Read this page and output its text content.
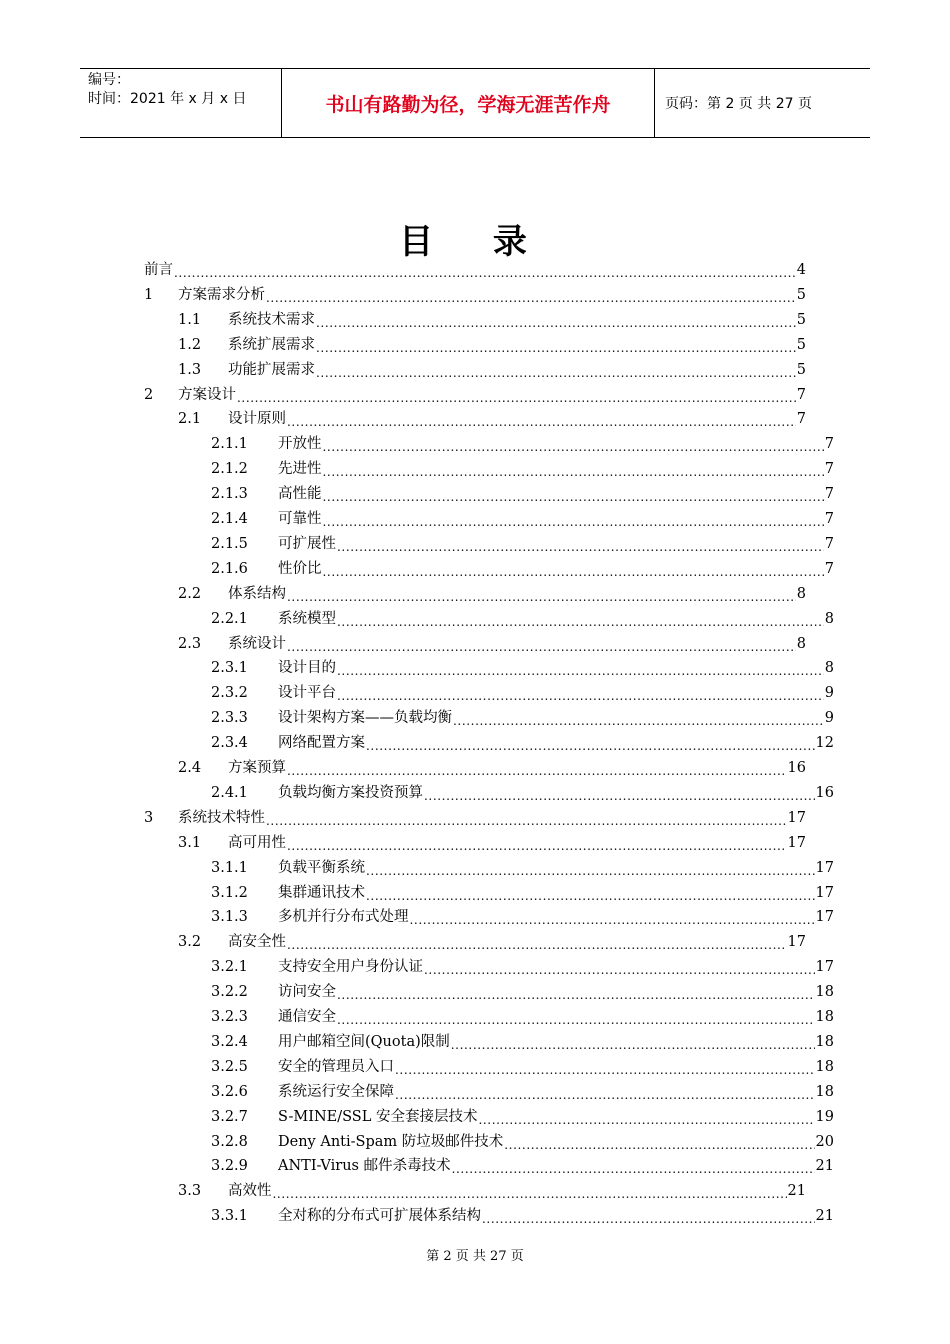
编号：
时间：2021 年 x 月 x 日	书山有路勤为径，学海无涯苦作舟	页码：第 2 页 共 27 页
目 录
前言 .....	4
1	方案需求分析 .....	5
1.1	系统技术需求 .....	5
1.2	系统扩展需求 .....	5
1.3	功能扩展需求 .....	5
2	方案设计 .....	7
2.1	设计原则 .....	7
2.1.1	开放性 .....	7
2.1.2	先进性 .....	7
2.1.3	高性能 .....	7
2.1.4	可靠性 .....	7
2.1.5	可扩展性 .....	7
2.1.6	性价比 .....	7
2.2	体系结构 .....	8
2.2.1	系统模型 .....	8
2.3	系统设计 .....	8
2.3.1	设计目的 .....	8
2.3.2	设计平台 .....	9
2.3.3	设计架构方案——负载均衡 .....	9
2.3.4	网络配置方案 .....	12
2.4	方案预算 .....	16
2.4.1	负载均衡方案投资预算 .....	16
3	系统技术特性 .....	17
3.1	高可用性 .....	17
3.1.1	负载平衡系统 .....	17
3.1.2	集群通讯技术 .....	17
3.1.3	多机并行分布式处理 .....	17
3.2	高安全性 .....	17
3.2.1	支持安全用户身份认证 .....	17
3.2.2	访问安全 .....	18
3.2.3	通信安全 .....	18
3.2.4	用户邮箱空间(Quota)限制 .....	18
3.2.5	安全的管理员入口 .....	18
3.2.6	系统运行安全保障 .....	18
3.2.7	S-MINE/SSL 安全套接层技术 .....	19
3.2.8	Deny Anti-Spam 防垃圾邮件技术 .....	20
3.2.9	ANTI-Virus 邮件杀毒技术 .....	21
3.3	高效性 .....	21
3.3.1	全对称的分布式可扩展体系结构 .....	21
第 2 页 共 27 页
